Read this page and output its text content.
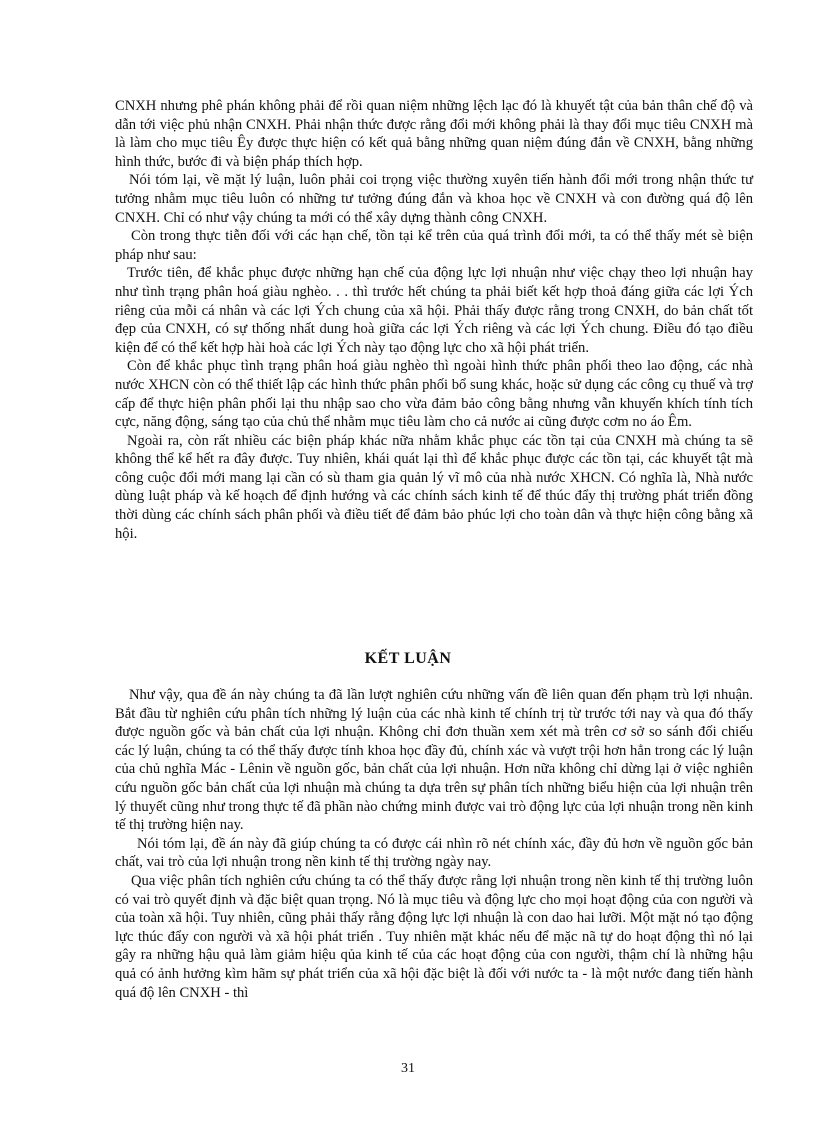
CNXH nhưng phê phán không phải để rồi quan niệm những lệch lạc đó là khuyết tật của bản thân chế độ và dẫn tới việc phủ nhận CNXH. Phải nhận thức được rằng đổi mới không phải là thay đổi mục tiêu CNXH mà là làm cho mục tiêu Êy được thực hiện có kết quả bằng những quan niệm đúng đắn về CNXH, bằng những hình thức, bước đi và biện pháp thích hợp.

Nói tóm lại, về mặt lý luận, luôn phải coi trọng việc thường xuyên tiến hành đổi mới trong nhận thức tư tưởng nhằm mục tiêu luôn có những tư tưởng đúng đắn và khoa học về CNXH và con đường quá độ lên CNXH. Chỉ có như vậy chúng ta mới có thể xây dựng thành công CNXH.

Còn trong thực tiễn đối với các hạn chế, tồn tại kể trên của quá trình đổi mới, ta có thể thấy mét sè biện pháp như sau:

Trước tiên, để khắc phục được những hạn chế của động lực lợi nhuận như việc chạy theo lợi nhuận hay như tình trạng phân hoá giàu nghèo. . . thì trước hết chúng ta phải biết kết hợp thoả đáng giữa các lợi Ých riêng của mỗi cá nhân và các lợi Ých chung của xã hội. Phải thấy được rằng trong CNXH, do bản chất tốt đẹp của CNXH, có sự thống nhất dung hoà giữa các lợi Ých riêng và các lợi Ých chung. Điều đó tạo điều kiện để có thể kết hợp hài hoà các lợi Ých này tạo động lực cho xã hội phát triển.

Còn để khắc phục tình trạng phân hoá giàu nghèo thì ngoài hình thức phân phối theo lao động, các nhà nước XHCN còn có thể thiết lập các hình thức phân phối bổ sung khác, hoặc sử dụng các công cụ thuế và trợ cấp để thực hiện phân phối lại thu nhập sao cho vừa đảm bảo công bằng nhưng vẫn khuyến khích tính tích cực, năng động, sáng tạo của chủ thể nhằm mục tiêu làm cho cả nước ai cũng được cơm no áo Êm.

Ngoài ra, còn rất nhiều các biện pháp khác nữa nhằm khắc phục các tồn tại của CNXH mà chúng ta sẽ không thể kể hết ra đây được. Tuy nhiên, khái quát lại thì để khắc phục được các tồn tại, các khuyết tật mà công cuộc đổi mới mang lại cần có sù tham gia quản lý vĩ mô của nhà nước XHCN. Có nghĩa là, Nhà nước dùng luật pháp và kế hoạch để định hướng và các chính sách kinh tế để thúc đẩy thị trường phát triển đồng thời dùng các chính sách phân phối và điều tiết để đảm bảo phúc lợi cho toàn dân và thực hiện công bằng xã hội.

KẾT LUẬN

Như vậy, qua đề án này chúng ta đã lần lượt nghiên cứu những vấn đề liên quan đến phạm trù lợi nhuận. Bắt đầu từ nghiên cứu phân tích những lý luận của các nhà kinh tế chính trị từ trước tới nay và qua đó thấy được nguồn gốc và bản chất của lợi nhuận. Không chỉ đơn thuần xem xét mà trên cơ sở so sánh đối chiếu các lý luận, chúng ta có thể thấy được tính khoa học đầy đủ, chính xác và vượt trội hơn hẳn trong các lý luận của chủ nghĩa Mác - Lênin về nguồn gốc, bản chất của lợi nhuận. Hơn nữa không chỉ dừng lại ở việc nghiên cứu nguồn gốc bản chất của lợi nhuận mà chúng ta dựa trên sự phân tích những biểu hiện của lợi nhuận trên lý thuyết cũng như trong thực tế đã phần nào chứng minh được vai trò động lực của lợi nhuận trong nền kinh tế thị trường hiện nay.

Nói tóm lại, đề án này đã giúp chúng ta có được cái nhìn rõ nét chính xác, đầy đủ hơn về nguồn gốc bản chất, vai trò của lợi nhuận trong nền kinh tế thị trường ngày nay.

Qua việc phân tích nghiên cứu chúng ta có thể thấy được rằng lợi nhuận trong nền kinh tế thị trường luôn có vai trò quyết định và đặc biệt quan trọng. Nó là mục tiêu và động lực cho mọi hoạt động của con người và của toàn xã hội. Tuy nhiên, cũng phải thấy rằng động lực lợi nhuận là con dao hai lưỡi. Một mặt nó tạo động lực thúc đẩy con người và xã hội phát triển . Tuy nhiên mặt khác nếu để mặc nã tự do hoạt động thì nó lại gây ra những hậu quả làm giảm hiệu qủa kinh tế của các hoạt động của con người, thậm chí là những hậu quả có ảnh hưởng kìm hãm sự phát triển của xã hội đặc biệt là đối với nước ta - là một nước đang tiến hành quá độ lên CNXH - thì

31
